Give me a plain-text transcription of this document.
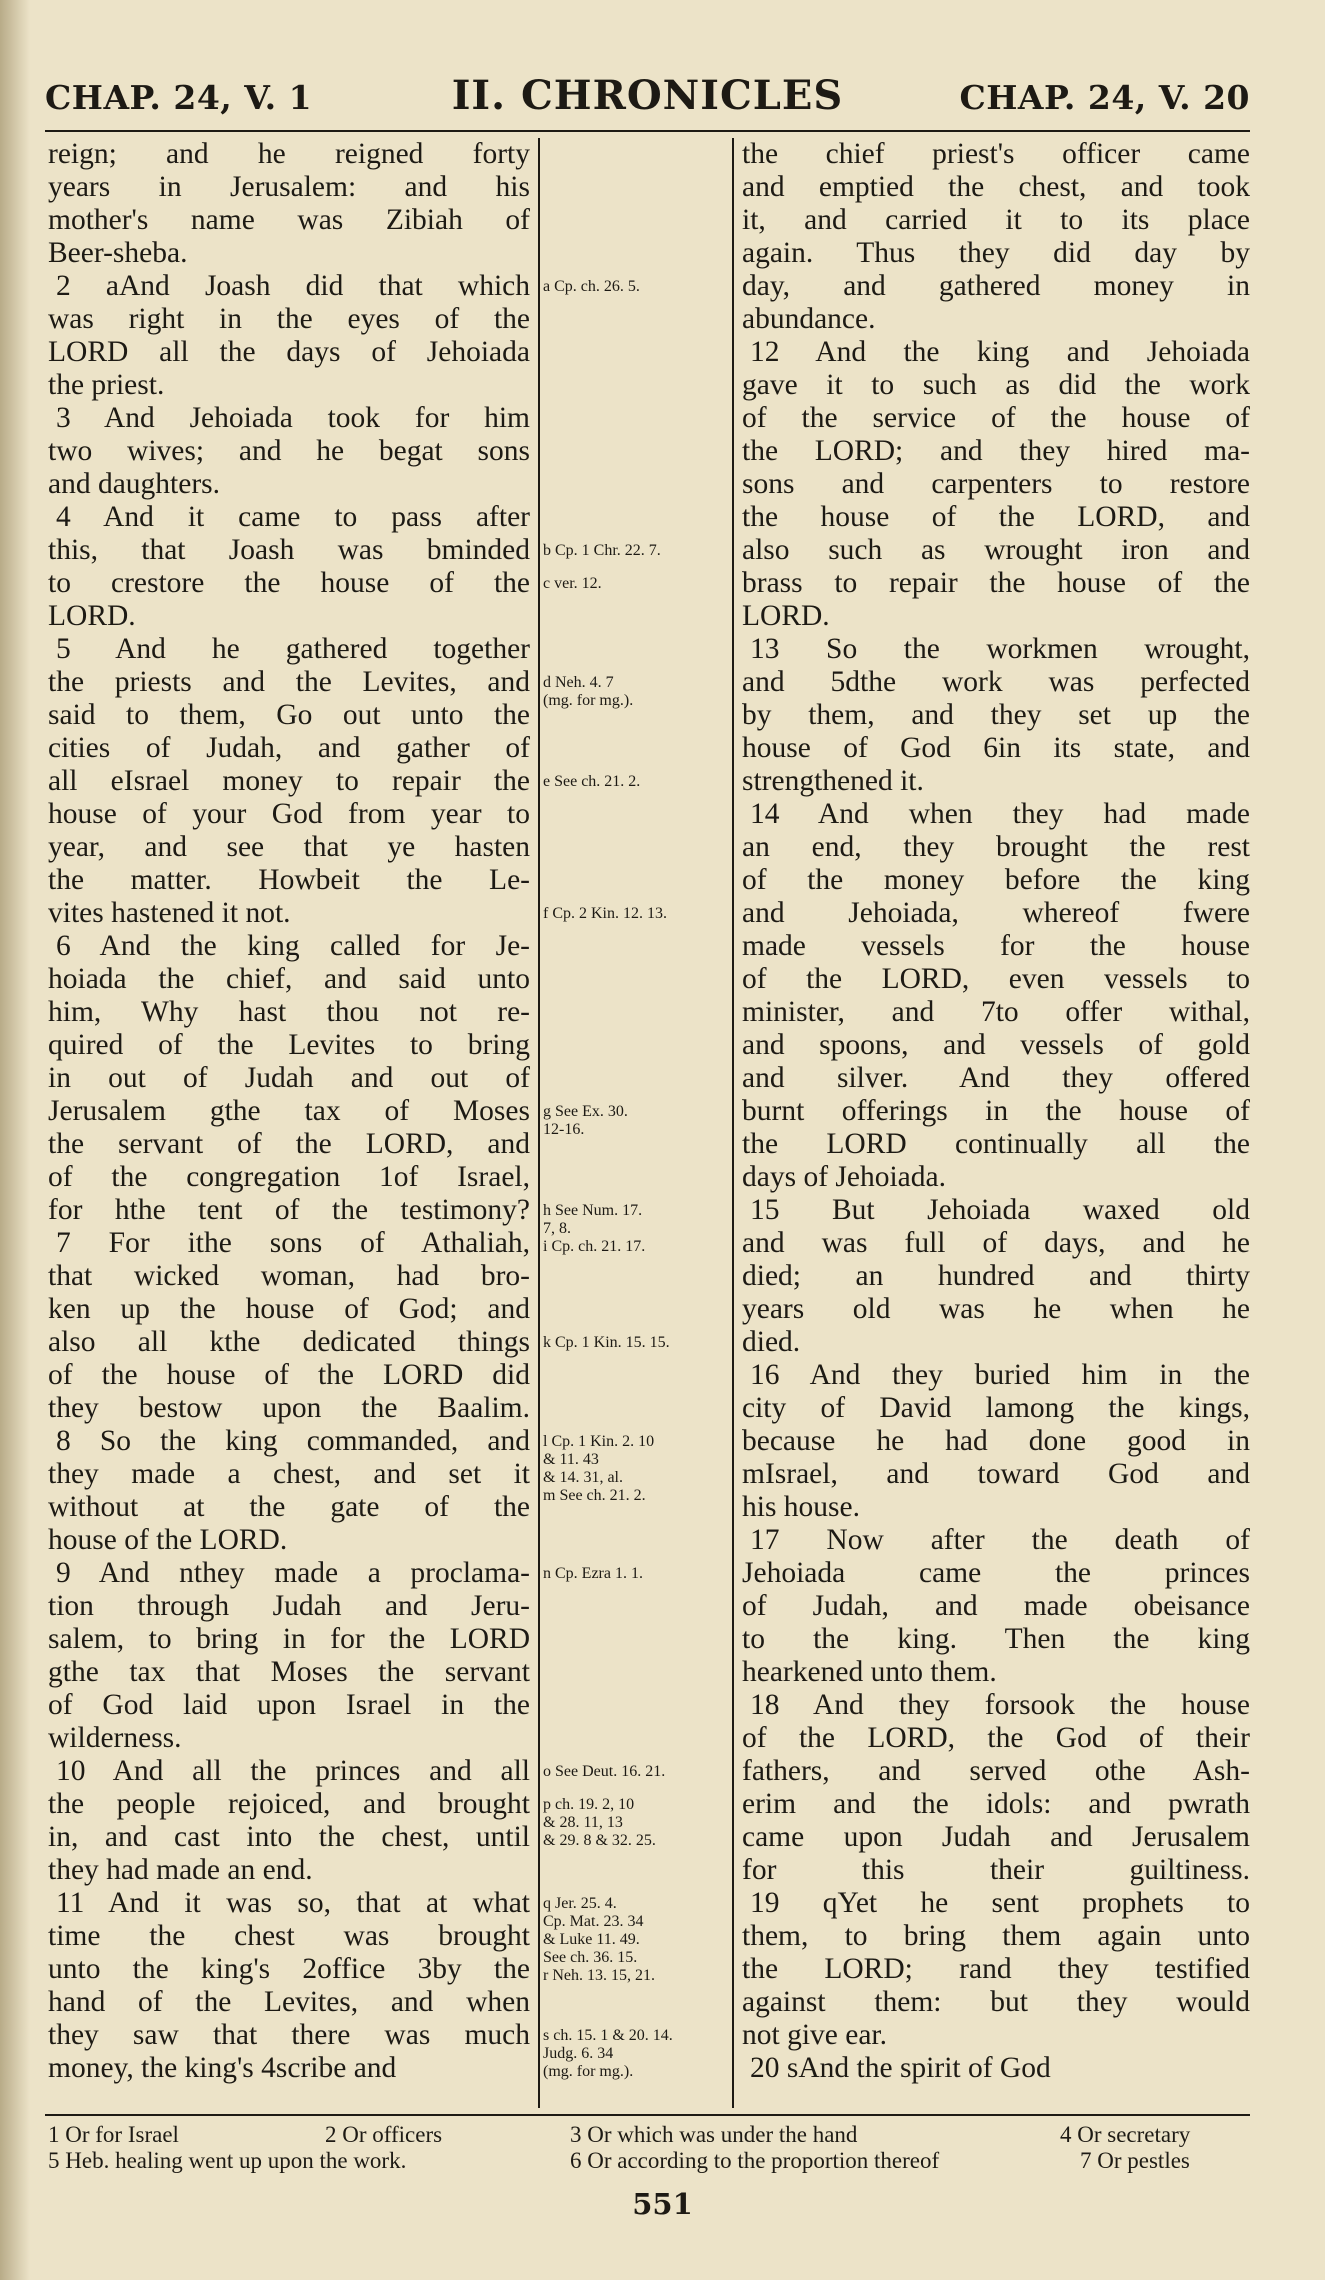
CHAP. 24, V. 1	II. CHRONICLES	CHAP. 24, V. 20
reign; and he reigned forty
years in Jerusalem: and his
mother's name was Zibiah of
Beer-sheba.
2 aAnd Joash did that which
was right in the eyes of the
LORD all the days of Jehoiada
the priest.
3 And Jehoiada took for him
two wives; and he begat sons
and daughters.
4 And it came to pass after
this, that Joash was bminded
to crestore the house of the
LORD.
5 And he gathered together
the priests and the Levites, and
said to them, Go out unto the
cities of Judah, and gather of
all eIsrael money to repair the
house of your God from year to
year, and see that ye hasten
the matter. Howbeit the Le-
vites hastened it not.
6 And the king called for Je-
hoiada the chief, and said unto
him, Why hast thou not re-
quired of the Levites to bring
in out of Judah and out of
Jerusalem gthe tax of Moses
the servant of the LORD, and
of the congregation 1of Israel,
for hthe tent of the testimony?
7 For ithe sons of Athaliah,
that wicked woman, had bro-
ken up the house of God; and
also all kthe dedicated things
of the house of the LORD did
they bestow upon the Baalim.
8 So the king commanded, and
they made a chest, and set it
without at the gate of the
house of the LORD.
9 And nthey made a proclama-
tion through Judah and Jeru-
salem, to bring in for the LORD
gthe tax that Moses the servant
of God laid upon Israel in the
wilderness.
10 And all the princes and all
the people rejoiced, and brought
in, and cast into the chest, until
they had made an end.
11 And it was so, that at what
time the chest was brought
unto the king's 2office 3by the
hand of the Levites, and when
they saw that there was much
money, the king's 4scribe and
a Cp. ch. 26. 5.
b Cp. 1 Chr. 22. 7.
c ver. 12.
d Neh. 4. 7
(mg. for mg.).
e See ch. 21. 2.
f Cp. 2 Kin. 12. 13.
g See Ex. 30.
12-16.
h See Num. 17.
7, 8.
i Cp. ch. 21. 17.
k Cp. 1 Kin. 15. 15.
l Cp. 1 Kin. 2. 10
& 11. 43
& 14. 31, al.
m See ch. 21. 2.
n Cp. Ezra 1. 1.
o See Deut. 16. 21.
p ch. 19. 2, 10
& 28. 11, 13
& 29. 8 & 32. 25.
q Jer. 25. 4.
Cp. Mat. 23. 34
& Luke 11. 49.
See ch. 36. 15.
r Neh. 13. 15, 21.
s ch. 15. 1 & 20. 14.
Judg. 6. 34
(mg. for mg.).
the chief priest's officer came
and emptied the chest, and took
it, and carried it to its place
again. Thus they did day by
day, and gathered money in
abundance.
12 And the king and Jehoiada
gave it to such as did the work
of the service of the house of
the LORD; and they hired ma-
sons and carpenters to restore
the house of the LORD, and
also such as wrought iron and
brass to repair the house of the
LORD.
13 So the workmen wrought,
and 5dthe work was perfected
by them, and they set up the
house of God 6in its state, and
strengthened it.
14 And when they had made
an end, they brought the rest
of the money before the king
and Jehoiada, whereof fwere
made vessels for the house
of the LORD, even vessels to
minister, and 7to offer withal,
and spoons, and vessels of gold
and silver. And they offered
burnt offerings in the house of
the LORD continually all the
days of Jehoiada.
15 But Jehoiada waxed old
and was full of days, and he
died; an hundred and thirty
years old was he when he
died.
16 And they buried him in the
city of David lamong the kings,
because he had done good in
mIsrael, and toward God and
his house.
17 Now after the death of
Jehoiada came the princes
of Judah, and made obeisance
to the king. Then the king
hearkened unto them.
18 And they forsook the house
of the LORD, the God of their
fathers, and served othe Ash-
erim and the idols: and pwrath
came upon Judah and Jerusalem
for this their guiltiness.
19 qYet he sent prophets to
them, to bring them again unto
the LORD; rand they testified
against them: but they would
not give ear.
20 sAnd the spirit of God
1 Or for Israel	2 Or officers	3 Or which was under the hand	4 Or secretary
5 Heb. healing went up upon the work.	6 Or according to the proportion thereof	7 Or pestles
551
